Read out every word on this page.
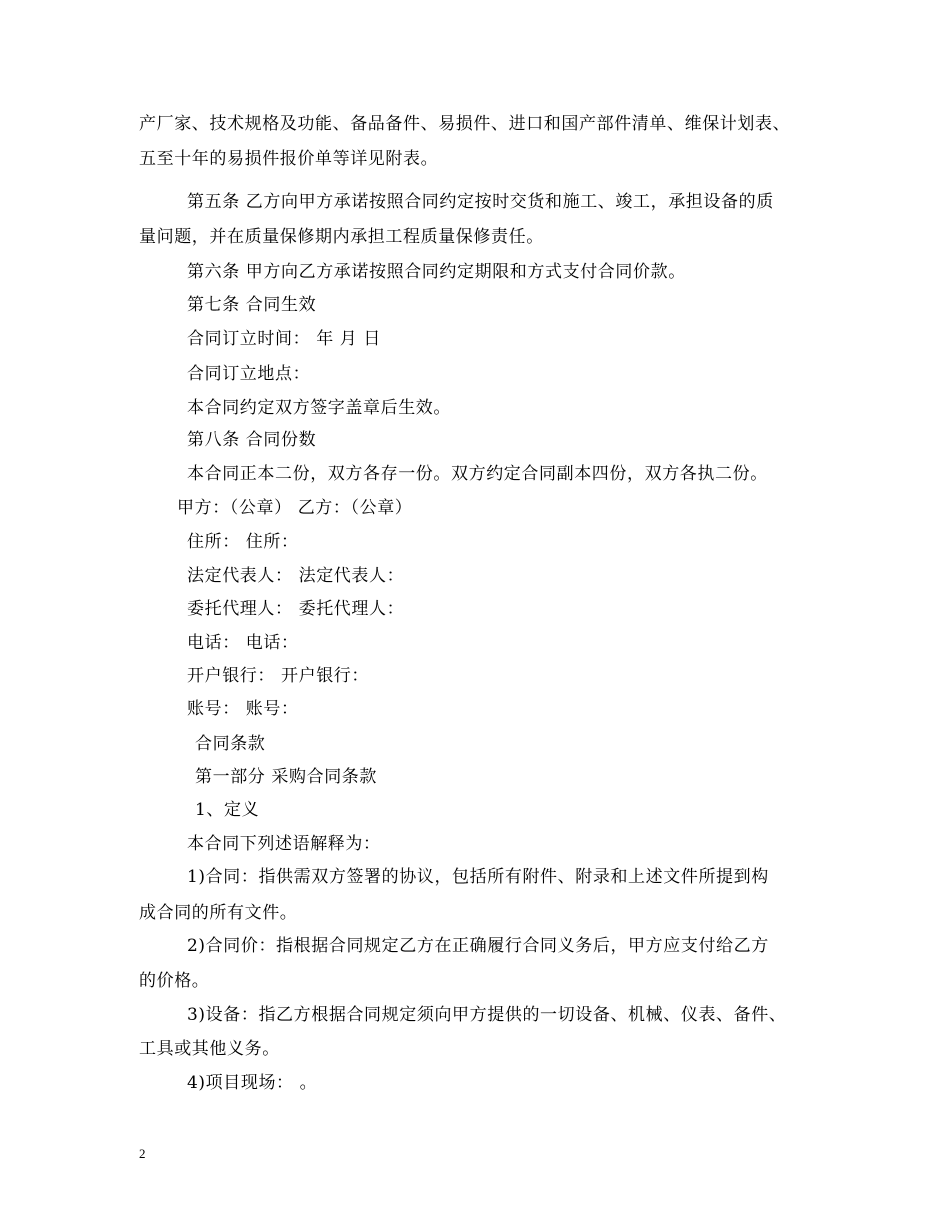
产厂家、技术规格及功能、备品备件、易损件、进口和国产部件清单、维保计划表、
五至十年的易损件报价单等详见附表。
第五条 乙方向甲方承诺按照合同约定按时交货和施工、竣工，承担设备的质
量问题，并在质量保修期内承担工程质量保修责任。
第六条 甲方向乙方承诺按照合同约定期限和方式支付合同价款。
第七条 合同生效
合同订立时间： 年 月 日
合同订立地点：
本合同约定双方签字盖章后生效。
第八条 合同份数
本合同正本二份，双方各存一份。双方约定合同副本四份，双方各执二份。
甲方：（公章） 乙方：（公章）
住所： 住所：
法定代表人： 法定代表人：
委托代理人： 委托代理人：
电话： 电话：
开户银行： 开户银行：
账号： 账号：
合同条款
第一部分 采购合同条款
1、定义
本合同下列述语解释为：
1)合同：指供需双方签署的协议，包括所有附件、附录和上述文件所提到构
成合同的所有文件。
2)合同价：指根据合同规定乙方在正确履行合同义务后，甲方应支付给乙方
的价格。
3)设备：指乙方根据合同规定须向甲方提供的一切设备、机械、仪表、备件、
工具或其他义务。
4)项目现场： 。
2
